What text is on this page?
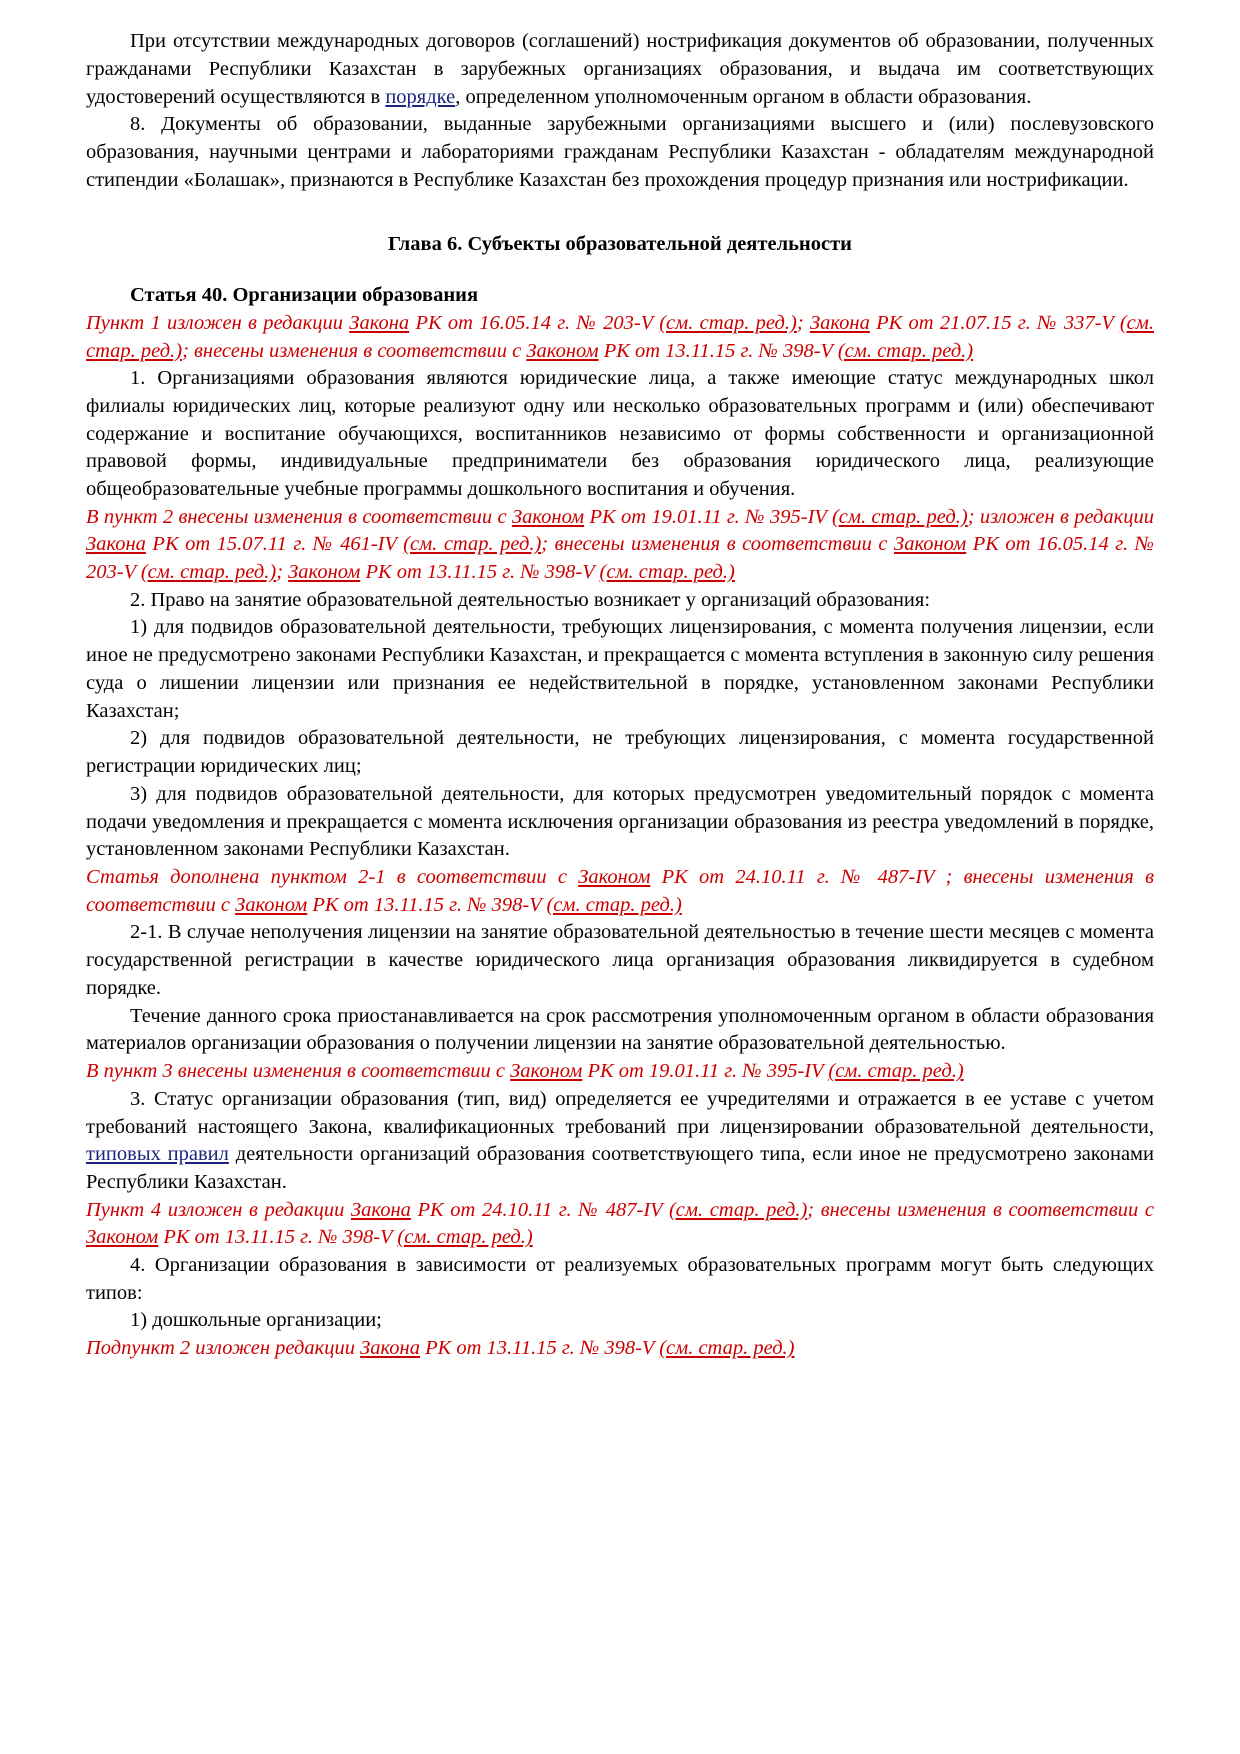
При отсутствии международных договоров (соглашений) нострификация документов об образовании, полученных гражданами Республики Казахстан в зарубежных организациях образования, и выдача им соответствующих удостоверений осуществляются в порядке, определенном уполномоченным органом в области образования.

8. Документы об образовании, выданные зарубежными организациями высшего и (или) послевузовского образования, научными центрами и лабораториями гражданам Республики Казахстан - обладателям международной стипендии «Болашак», признаются в Республике Казахстан без прохождения процедур признания или нострификации.

Глава 6. Субъекты образовательной деятельности
Статья 40. Организации образования

Пункт 1 изложен в редакции Закона РК от 16.05.14 г. № 203-V (см. стар. ред.); Закона РК от 21.07.15 г. № 337-V (см. стар. ред.); внесены изменения в соответствии с Законом РК от 13.11.15 г. № 398-V (см. стар. ред.)

1. Организациями образования являются юридические лица, а также имеющие статус международных школ филиалы юридических лиц, которые реализуют одну или несколько образовательных программ и (или) обеспечивают содержание и воспитание обучающихся, воспитанников независимо от формы собственности и организационной правовой формы, индивидуальные предприниматели без образования юридического лица, реализующие общеобразовательные учебные программы дошкольного воспитания и обучения.

В пункт 2 внесены изменения в соответствии с Законом РК от 19.01.11 г. № 395-IV (см. стар. ред.); изложен в редакции Закона РК от 15.07.11 г. № 461-IV (см. стар. ред.); внесены изменения в соответствии с Законом РК от 16.05.14 г. № 203-V (см. стар. ред.); Законом РК от 13.11.15 г. № 398-V (см. стар. ред.)

2. Право на занятие образовательной деятельностью возникает у организаций образования:

1) для подвидов образовательной деятельности, требующих лицензирования, с момента получения лицензии, если иное не предусмотрено законами Республики Казахстан, и прекращается с момента вступления в законную силу решения суда о лишении лицензии или признания ее недействительной в порядке, установленном законами Республики Казахстан;

2) для подвидов образовательной деятельности, не требующих лицензирования, с момента государственной регистрации юридических лиц;

3) для подвидов образовательной деятельности, для которых предусмотрен уведомительный порядок с момента подачи уведомления и прекращается с момента исключения организации образования из реестра уведомлений в порядке, установленном законами Республики Казахстан.

Статья дополнена пунктом 2-1 в соответствии с Законом РК от 24.10.11 г. № 487-IV ; внесены изменения в соответствии с Законом РК от 13.11.15 г. № 398-V (см. стар. ред.)

2-1. В случае неполучения лицензии на занятие образовательной деятельностью в течение шести месяцев с момента государственной регистрации в качестве юридического лица организация образования ликвидируется в судебном порядке.

Течение данного срока приостанавливается на срок рассмотрения уполномоченным органом в области образования материалов организации образования о получении лицензии на занятие образовательной деятельностью.

В пункт 3 внесены изменения в соответствии с Законом РК от 19.01.11 г. № 395-IV (см. стар. ред.)

3. Статус организации образования (тип, вид) определяется ее учредителями и отражается в ее уставе с учетом требований настоящего Закона, квалификационных требований при лицензировании образовательной деятельности, типовых правил деятельности организаций образования соответствующего типа, если иное не предусмотрено законами Республики Казахстан.

Пункт 4 изложен в редакции Закона РК от 24.10.11 г. № 487-IV (см. стар. ред.); внесены изменения в соответствии с Законом РК от 13.11.15 г. № 398-V (см. стар. ред.)

4. Организации образования в зависимости от реализуемых образовательных программ могут быть следующих типов:

1) дошкольные организации;

Подпункт 2 изложен редакции Закона РК от 13.11.15 г. № 398-V (см. стар. ред.)
